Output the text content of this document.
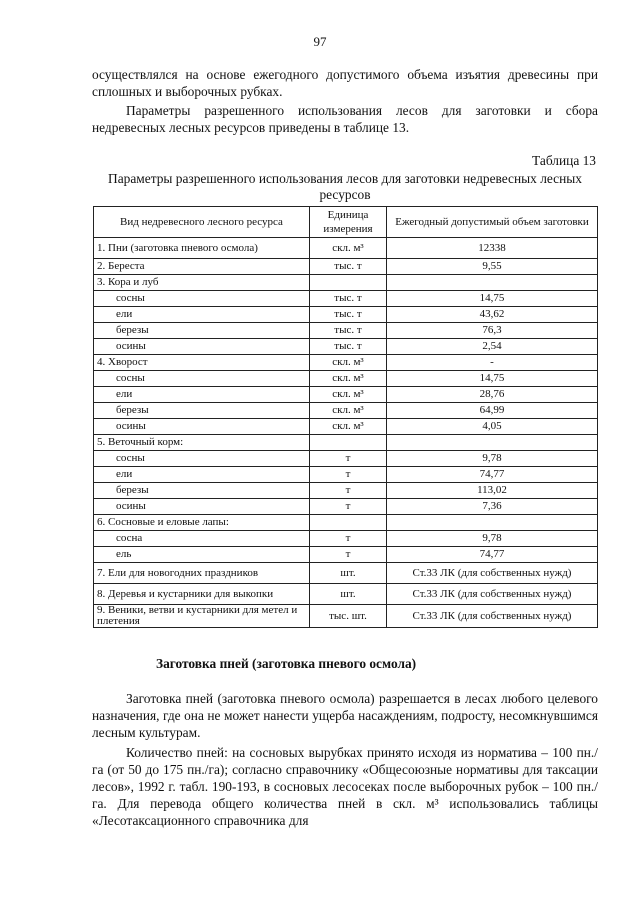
97

осуществлялся на основе ежегодного допустимого объема изъятия древесины при сплошных и выборочных рубках.

Параметры разрешенного использования лесов для заготовки и сбора недревесных лесных ресурсов приведены в таблице 13.

Таблица 13
Параметры разрешенного использования лесов для заготовки недревесных лесных ресурсов
Вид недревесного лесного ресурса	Единица измерения	Ежегодный допустимый объем заготовки
1. Пни (заготовка пневого осмола)	скл. м³	12338
2. Береста	тыс. т	9,55
3. Кора и луб		
сосны	тыс. т	14,75
ели	тыс. т	43,62
березы	тыс. т	76,3
осины	тыс. т	2,54
4. Хворост	скл. м³	-
сосны	скл. м³	14,75
ели	скл. м³	28,76
березы	скл. м³	64,99
осины	скл. м³	4,05
5. Веточный корм:		
сосны	т	9,78
ели	т	74,77
березы	т	113,02
осины	т	7,36
6. Сосновые и еловые лапы:		
сосна	т	9,78
ель	т	74,77
7. Ели для новогодних праздников	шт.	Ст.33 ЛК (для собственных нужд)
8. Деревья и кустарники для выкопки	шт.	Ст.33 ЛК (для собственных нужд)
9. Веники, ветви и кустарники для метел и плетения	тыс. шт.	Ст.33 ЛК (для собственных нужд)
Заготовка пней (заготовка пневого осмола)

Заготовка пней (заготовка пневого осмола) разрешается в лесах любого целевого назначения, где она не может нанести ущерба насаждениям, подросту, несомкнувшимся лесным культурам.

Количество пней: на сосновых вырубках принято исходя из норматива – 100 пн./га (от 50 до 175 пн./га); согласно справочнику «Общесоюзные нормативы для таксации лесов», 1992 г. табл. 190-193, в сосновых лесосеках после выборочных рубок – 100 пн./га. Для перевода общего количества пней в скл. м³ использовались таблицы «Лесотаксационного справочника для
